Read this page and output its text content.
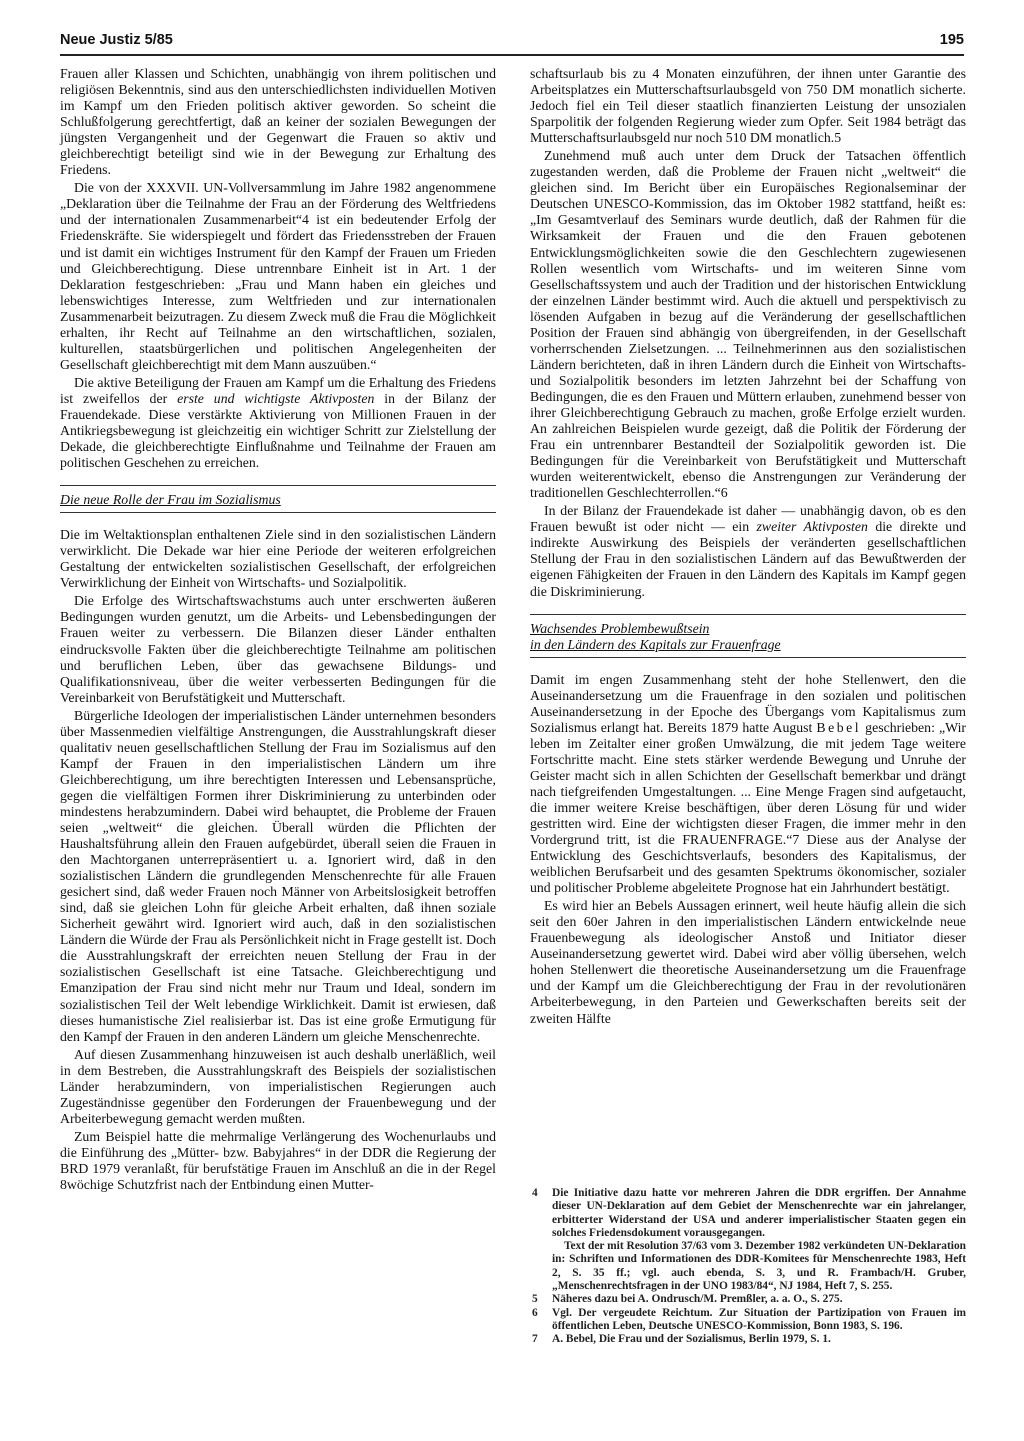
Neue Justiz 5/85	195

Frauen aller Klassen und Schichten, unabhängig von ihrem politischen und religiösen Bekenntnis, sind aus den unterschiedlichsten individuellen Motiven im Kampf um den Frieden politisch aktiver geworden. So scheint die Schlußfolgerung gerechtfertigt, daß an keiner der sozialen Bewegungen der jüngsten Vergangenheit und der Gegenwart die Frauen so aktiv und gleichberechtigt beteiligt sind wie in der Bewegung zur Erhaltung des Friedens.

Die von der XXXVII. UN-Vollversammlung im Jahre 1982 angenommene „Deklaration über die Teilnahme der Frau an der Förderung des Weltfriedens und der internationalen Zusammenarbeit“4 ist ein bedeutender Erfolg der Friedenskräfte. Sie widerspiegelt und fördert das Friedensstreben der Frauen und ist damit ein wichtiges Instrument für den Kampf der Frauen um Frieden und Gleichberechtigung. Diese untrennbare Einheit ist in Art. 1 der Deklaration festgeschrieben: „Frau und Mann haben ein gleiches und lebenswichtiges Interesse, zum Weltfrieden und zur internationalen Zusammenarbeit beizutragen. Zu diesem Zweck muß die Frau die Möglichkeit erhalten, ihr Recht auf Teilnahme an den wirtschaftlichen, sozialen, kulturellen, staatsbürgerlichen und politischen Angelegenheiten der Gesellschaft gleichberechtigt mit dem Mann auszuüben.“

Die aktive Beteiligung der Frauen am Kampf um die Erhaltung des Friedens ist zweifellos der erste und wichtigste Aktivposten in der Bilanz der Frauendekade. Diese verstärkte Aktivierung von Millionen Frauen in der Antikriegsbewegung ist gleichzeitig ein wichtiger Schritt zur Zielstellung der Dekade, die gleichberechtigte Einflußnahme und Teilnahme der Frauen am politischen Geschehen zu erreichen.

Die neue Rolle der Frau im Sozialismus

Die im Weltaktionsplan enthaltenen Ziele sind in den sozialistischen Ländern verwirklicht. Die Dekade war hier eine Periode der weiteren erfolgreichen Gestaltung der entwickelten sozialistischen Gesellschaft, der erfolgreichen Verwirklichung der Einheit von Wirtschafts- und Sozialpolitik.

Die Erfolge des Wirtschaftswachstums auch unter erschwerten äußeren Bedingungen wurden genutzt, um die Arbeits- und Lebensbedingungen der Frauen weiter zu verbessern. Die Bilanzen dieser Länder enthalten eindrucksvolle Fakten über die gleichberechtigte Teilnahme am politischen und beruflichen Leben, über das gewachsene Bildungs- und Qualifikationsniveau, über die weiter verbesserten Bedingungen für die Vereinbarkeit von Berufstätigkeit und Mutterschaft.

Bürgerliche Ideologen der imperialistischen Länder unternehmen besonders über Massenmedien vielfältige Anstrengungen, die Ausstrahlungskraft dieser qualitativ neuen gesellschaftlichen Stellung der Frau im Sozialismus auf den Kampf der Frauen in den imperialistischen Ländern um ihre Gleichberechtigung, um ihre berechtigten Interessen und Lebensansprüche, gegen die vielfältigen Formen ihrer Diskriminierung zu unterbinden oder mindestens herabzumindern. Dabei wird behauptet, die Probleme der Frauen seien „weltweit“ die gleichen. Überall würden die Pflichten der Haushaltsführung allein den Frauen aufgebürdet, überall seien die Frauen in den Machtorganen unterrepräsentiert u. a. Ignoriert wird, daß in den sozialistischen Ländern die grundlegenden Menschenrechte für alle Frauen gesichert sind, daß weder Frauen noch Männer von Arbeitslosigkeit betroffen sind, daß sie gleichen Lohn für gleiche Arbeit erhalten, daß ihnen soziale Sicherheit gewährt wird. Ignoriert wird auch, daß in den sozialistischen Ländern die Würde der Frau als Persönlichkeit nicht in Frage gestellt ist. Doch die Ausstrahlungskraft der erreichten neuen Stellung der Frau in der sozialistischen Gesellschaft ist eine Tatsache. Gleichberechtigung und Emanzipation der Frau sind nicht mehr nur Traum und Ideal, sondern im sozialistischen Teil der Welt lebendige Wirklichkeit. Damit ist erwiesen, daß dieses humanistische Ziel realisierbar ist. Das ist eine große Ermutigung für den Kampf der Frauen in den anderen Ländern um gleiche Menschenrechte.

Auf diesen Zusammenhang hinzuweisen ist auch deshalb unerläßlich, weil in dem Bestreben, die Ausstrahlungskraft des Beispiels der sozialistischen Länder herabzumindern, von imperialistischen Regierungen auch Zugeständnisse gegenüber den Forderungen der Frauenbewegung und der Arbeiterbewegung gemacht werden mußten.

Zum Beispiel hatte die mehrmalige Verlängerung des Wochenurlaubs und die Einführung des „Mütter- bzw. Babyjahres“ in der DDR die Regierung der BRD 1979 veranlaßt, für berufstätige Frauen im Anschluß an die in der Regel 8wöchige Schutzfrist nach der Entbindung einen Mutter-

schaftsurlaub bis zu 4 Monaten einzuführen, der ihnen unter Garantie des Arbeitsplatzes ein Mutterschaftsurlaubsgeld von 750 DM monatlich sicherte. Jedoch fiel ein Teil dieser staatlich finanzierten Leistung der unsozialen Sparpolitik der folgenden Regierung wieder zum Opfer. Seit 1984 beträgt das Mutterschaftsurlaubsgeld nur noch 510 DM monatlich.5

Zunehmend muß auch unter dem Druck der Tatsachen öffentlich zugestanden werden, daß die Probleme der Frauen nicht „weltweit“ die gleichen sind. Im Bericht über ein Europäisches Regionalseminar der Deutschen UNESCO-Kommission, das im Oktober 1982 stattfand, heißt es: „Im Gesamtverlauf des Seminars wurde deutlich, daß der Rahmen für die Wirksamkeit der Frauen und die den Frauen gebotenen Entwicklungsmöglichkeiten sowie die den Geschlechtern zugewiesenen Rollen wesentlich vom Wirtschafts- und im weiteren Sinne vom Gesellschaftssystem und auch der Tradition und der historischen Entwicklung der einzelnen Länder bestimmt wird. Auch die aktuell und perspektivisch zu lösenden Aufgaben in bezug auf die Veränderung der gesellschaftlichen Position der Frauen sind abhängig von übergreifenden, in der Gesellschaft vorherrschenden Zielsetzungen. ... Teilnehmerinnen aus den sozialistischen Ländern berichteten, daß in ihren Ländern durch die Einheit von Wirtschafts- und Sozialpolitik besonders im letzten Jahrzehnt bei der Schaffung von Bedingungen, die es den Frauen und Müttern erlauben, zunehmend besser von ihrer Gleichberechtigung Gebrauch zu machen, große Erfolge erzielt wurden. An zahlreichen Beispielen wurde gezeigt, daß die Politik der Förderung der Frau ein untrennbarer Bestandteil der Sozialpolitik geworden ist. Die Bedingungen für die Vereinbarkeit von Berufstätigkeit und Mutterschaft wurden weiterentwickelt, ebenso die Anstrengungen zur Veränderung der traditionellen Geschlechterrollen.“6

In der Bilanz der Frauendekade ist daher — unabhängig davon, ob es den Frauen bewußt ist oder nicht — ein zweiter Aktivposten die direkte und indirekte Auswirkung des Beispiels der veränderten gesellschaftlichen Stellung der Frau in den sozialistischen Ländern auf das Bewußtwerden der eigenen Fähigkeiten der Frauen in den Ländern des Kapitals im Kampf gegen die Diskriminierung.

Wachsendes Problembewußtsein
in den Ländern des Kapitals zur Frauenfrage

Damit im engen Zusammenhang steht der hohe Stellenwert, den die Auseinandersetzung um die Frauenfrage in den sozialen und politischen Auseinandersetzung in der Epoche des Übergangs vom Kapitalismus zum Sozialismus erlangt hat. Bereits 1879 hatte August Bebel geschrieben: „Wir leben im Zeitalter einer großen Umwälzung, die mit jedem Tage weitere Fortschritte macht. Eine stets stärker werdende Bewegung und Unruhe der Geister macht sich in allen Schichten der Gesellschaft bemerkbar und drängt nach tiefgreifenden Umgestaltungen. ... Eine Menge Fragen sind aufgetaucht, die immer weitere Kreise beschäftigen, über deren Lösung für und wider gestritten wird. Eine der wichtigsten dieser Fragen, die immer mehr in den Vordergrund tritt, ist die FRAUENFRAGE.“7 Diese aus der Analyse der Entwicklung des Geschichtsverlaufs, besonders des Kapitalismus, der weiblichen Berufsarbeit und des gesamten Spektrums ökonomischer, sozialer und politischer Probleme abgeleitete Prognose hat ein Jahrhundert bestätigt.

Es wird hier an Bebels Aussagen erinnert, weil heute häufig allein die sich seit den 60er Jahren in den imperialistischen Ländern entwickelnde neue Frauenbewegung als ideologischer Anstoß und Initiator dieser Auseinandersetzung gewertet wird. Dabei wird aber völlig übersehen, welch hohen Stellenwert die theoretische Auseinandersetzung um die Frauenfrage und der Kampf um die Gleichberechtigung der Frau in der revolutionären Arbeiterbewegung, in den Parteien und Gewerkschaften bereits seit der zweiten Hälfte

4 Die Initiative dazu hatte vor mehreren Jahren die DDR ergriffen. Der Annahme dieser UN-Deklaration auf dem Gebiet der Menschenrechte war ein jahrelanger, erbitterter Widerstand der USA und anderer imperialistischer Staaten gegen ein solches Friedensdokument vorausgegangen.

Text der mit Resolution 37/63 vom 3. Dezember 1982 verkündeten UN-Deklaration in: Schriften und Informationen des DDR-Komitees für Menschenrechte 1983, Heft 2, S. 35 ff.; vgl. auch ebenda, S. 3, und R. Frambach/H. Gruber, „Menschenrechtsfragen in der UNO 1983/84“, NJ 1984, Heft 7, S. 255.

5 Näheres dazu bei A. Ondrusch/M. Premßler, a. a. O., S. 275.

6 Vgl. Der vergeudete Reichtum. Zur Situation der Partizipation von Frauen im öffentlichen Leben, Deutsche UNESCO-Kommission, Bonn 1983, S. 196.

7 A. Bebel, Die Frau und der Sozialismus, Berlin 1979, S. 1.
